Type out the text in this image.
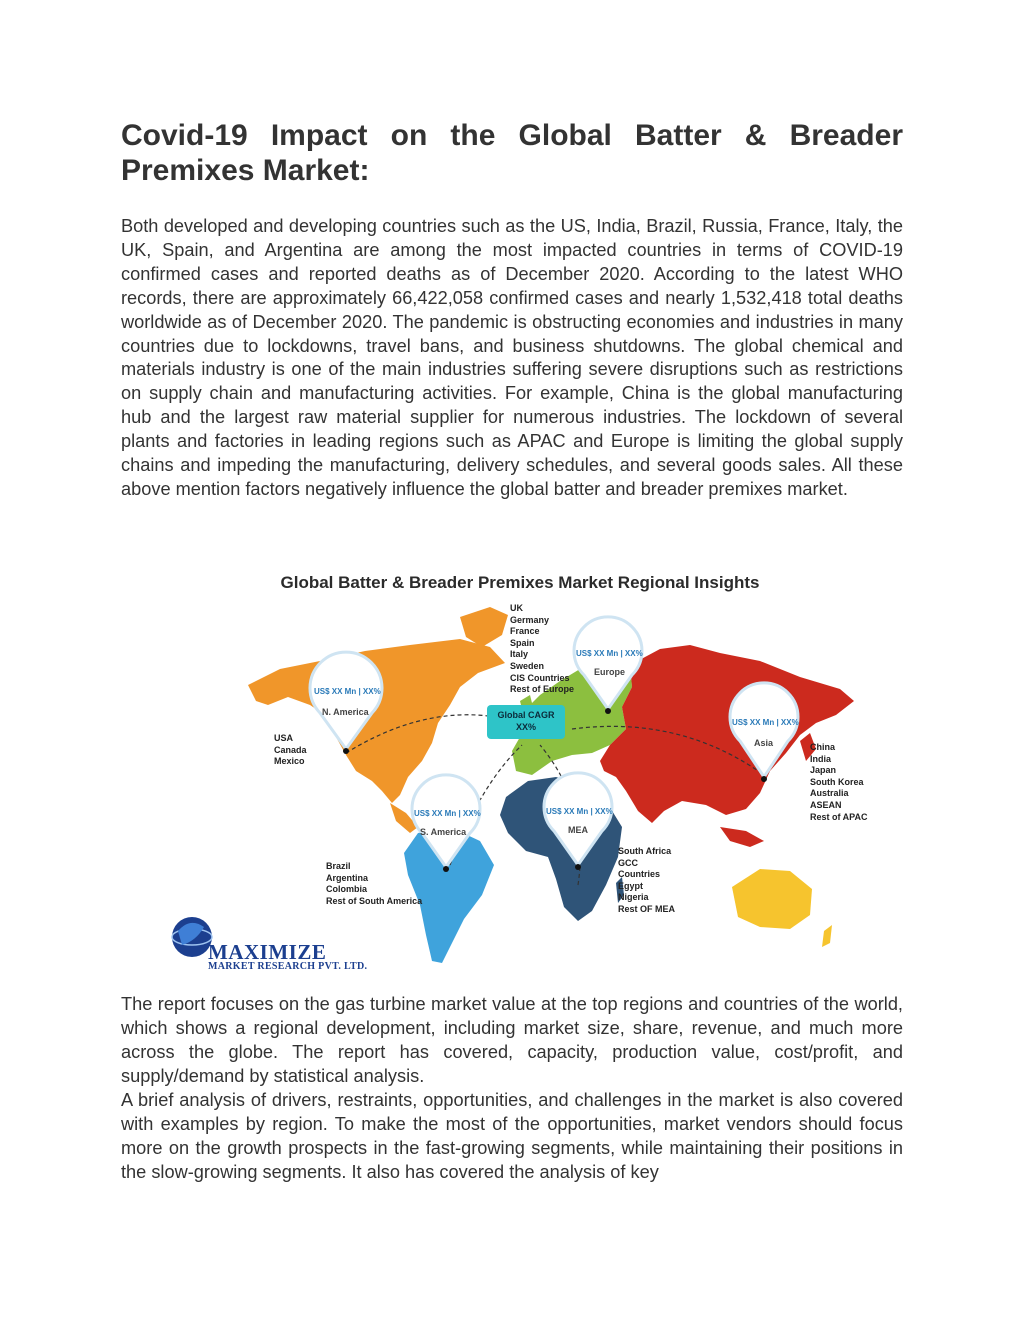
Covid-19 Impact on the Global Batter & Breader Premixes Market:

Both developed and developing countries such as the US, India, Brazil, Russia, France, Italy, the UK, Spain, and Argentina are among the most impacted countries in terms of COVID-19 confirmed cases and reported deaths as of December 2020. According to the latest WHO records, there are approximately 66,422,058 confirmed cases and nearly 1,532,418 total deaths worldwide as of December 2020. The pandemic is obstructing economies and industries in many countries due to lockdowns, travel bans, and business shutdowns. The global chemical and materials industry is one of the main industries suffering severe disruptions such as restrictions on supply chain and manufacturing activities. For example, China is the global manufacturing hub and the largest raw material supplier for numerous industries. The lockdown of several plants and factories in leading regions such as APAC and Europe is limiting the global supply chains and impeding the manufacturing, delivery schedules, and several goods sales. All these above mention factors negatively influence the global batter and breader premixes market.

Global Batter & Breader Premixes Market Regional Insights
Global CAGR
XX%
US$ XX Mn | XX%
N. America
US$ XX Mn | XX%
Europe
US$ XX Mn | XX%
Asia
US$ XX Mn | XX%
S. America
US$ XX Mn | XX%
MEA
USA
Canada
Mexico
UK
Germany
France
Spain
Italy
Sweden
CIS Countries
Rest of Europe
China
India
Japan
South Korea
Australia
ASEAN
Rest of APAC
Brazil
Argentina
Colombia
Rest of South America
South Africa
GCC
Countries
Egypt
Nigeria
Rest OF MEA
MAXIMIZE
MARKET RESEARCH PVT. LTD.

The report focuses on the gas turbine market value at the top regions and countries of the world, which shows a regional development, including market size, share, revenue, and much more across the globe. The report has covered, capacity, production value, cost/profit, and supply/demand by statistical analysis.

A brief analysis of drivers, restraints, opportunities, and challenges in the market is also covered with examples by region. To make the most of the opportunities, market vendors should focus more on the growth prospects in the fast-growing segments, while maintaining their positions in the slow-growing segments. It also has covered the analysis of key
